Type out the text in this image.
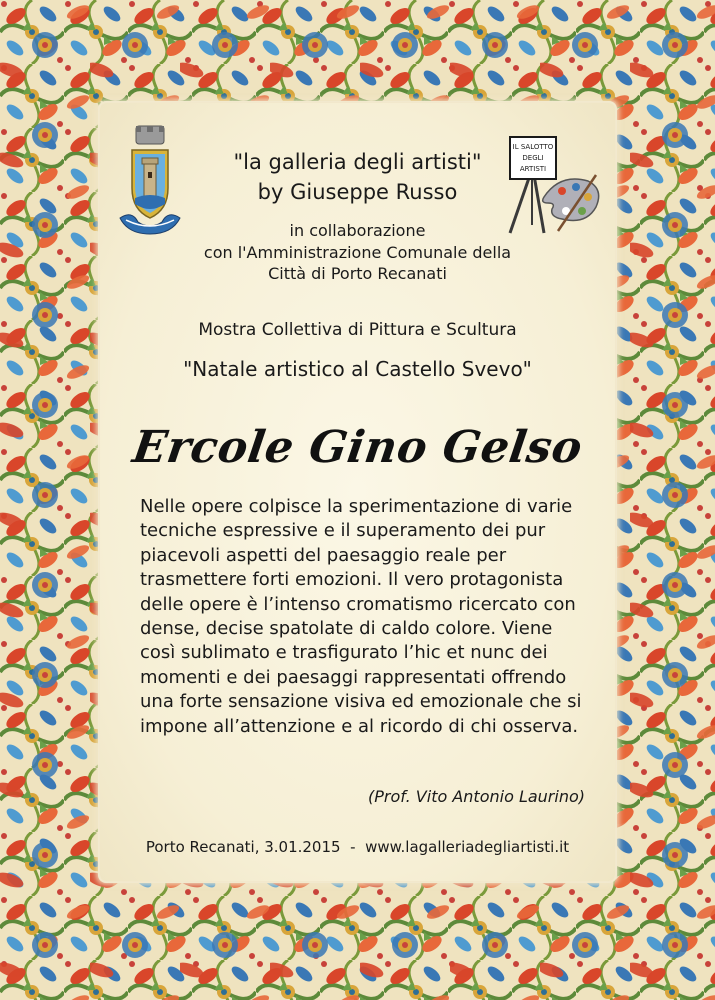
IL SALOTTO
DEGLI
ARTISTI
"la galleria degli artisti"
by Giuseppe Russo
in collaborazione
con l'Amministrazione Comunale della
Città di Porto Recanati
Mostra Collettiva di Pittura e Scultura
"Natale artistico al Castello Svevo"
Ercole Gino Gelso

Nelle opere colpisce la sperimentazione di varie tecniche espressive e il superamento dei pur piacevoli aspetti del paesaggio reale per trasmettere forti emozioni. Il vero protagonista delle opere è l’intenso cromatismo ricercato con dense, decise spatolate di caldo colore. Viene così sublimato e trasfigurato l’hic et nunc dei momenti e dei paesaggi rappresentati offrendo una forte sensazione visiva ed emozionale che si impone all’attenzione e al ricordo di chi osserva.

(Prof. Vito Antonio Laurino)
Porto Recanati, 3.01.2015  -  www.lagalleriadegliartisti.it
